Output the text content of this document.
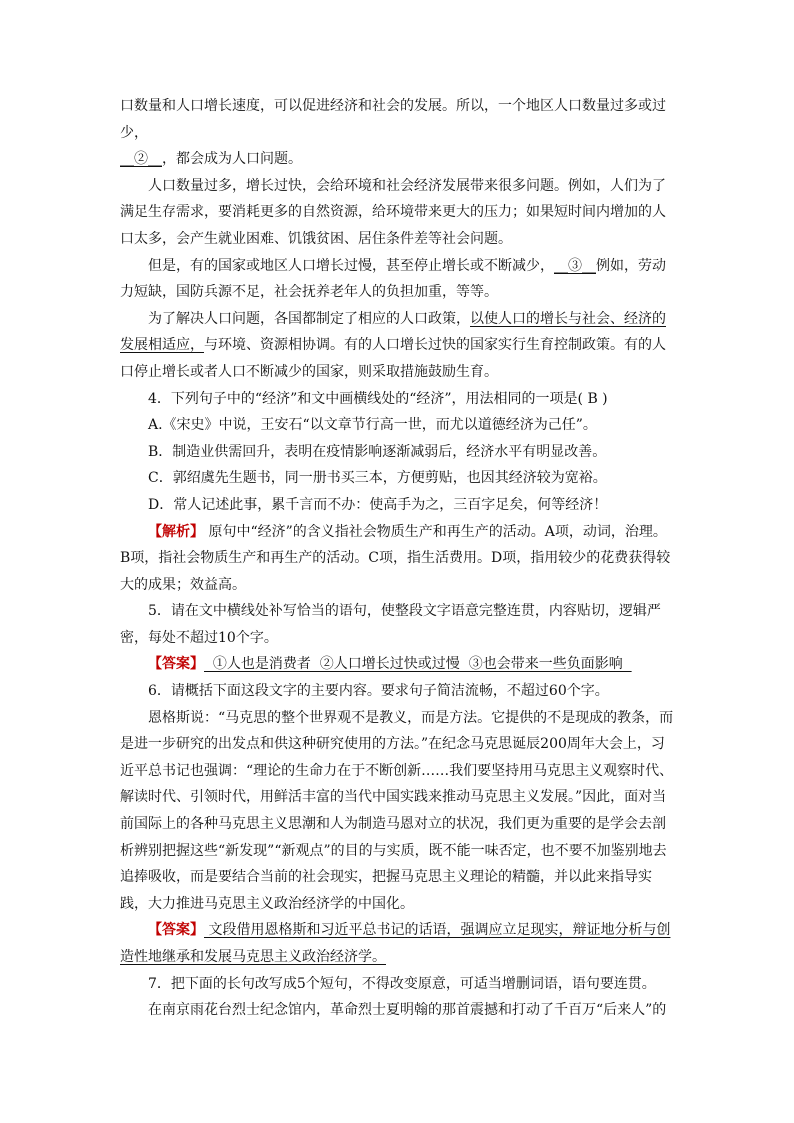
口数量和人口增长速度，可以促进经济和社会的发展。所以，一个地区人口数量过多或过少，
__②__，都会成为人口问题。

人口数量过多，增长过快，会给环境和社会经济发展带来很多问题。例如，人们为了满足生存需求，要消耗更多的自然资源，给环境带来更大的压力；如果短时间内增加的人口太多，会产生就业困难、饥饿贫困、居住条件差等社会问题。

但是，有的国家或地区人口增长过慢，甚至停止增长或不断减少，__③__例如，劳动力短缺，国防兵源不足，社会抚养老年人的负担加重，等等。

为了解决人口问题，各国都制定了相应的人口政策，以使人口的增长与社会、经济的发展相适应，与环境、资源相协调。有的人口增长过快的国家实行生育控制政策。有的人口停止增长或者人口不断减少的国家，则采取措施鼓励生育。

4．下列句子中的“经济”和文中画横线处的“经济”，用法相同的一项是( B )

A.《宋史》中说，王安石“以文章节行高一世，而尤以道德经济为己任”。

B．制造业供需回升，表明在疫情影响逐渐减弱后，经济水平有明显改善。

C．郭绍虞先生题书，同一册书买三本，方便剪贴，也因其经济较为宽裕。

D．常人记述此事，累千言而不办：使高手为之，三百字足矣，何等经济！

【解析】 原句中“经济”的含义指社会物质生产和再生产的活动。A项，动词，治理。B项，指社会物质生产和再生产的活动。C项，指生活费用。D项，指用较少的花费获得较大的成果；效益高。

5．请在文中横线处补写恰当的语句，使整段文字语意完整连贯，内容贴切，逻辑严密，每处不超过10个字。

【答案】  ①人也是消费者  ②人口增长过快或过慢  ③也会带来一些负面影响

6．请概括下面这段文字的主要内容。要求句子简洁流畅，不超过60个字。

恩格斯说：“马克思的整个世界观不是教义，而是方法。它提供的不是现成的教条，而是进一步研究的出发点和供这种研究使用的方法。”在纪念马克思诞辰200周年大会上，习近平总书记也强调：“理论的生命力在于不断创新……我们要坚持用马克思主义观察时代、解读时代、引领时代，用鲜活丰富的当代中国实践来推动马克思主义发展。”因此，面对当前国际上的各种马克思主义思潮和人为制造马恩对立的状况，我们更为重要的是学会去剖析辨别把握这些“新发现”“新观点”的目的与实质，既不能一味否定，也不要不加鉴别地去追捧吸收，而是要结合当前的社会现实，把握马克思主义理论的精髓，并以此来指导实践，大力推进马克思主义政治经济学的中国化。

【答案】 文段借用恩格斯和习近平总书记的话语，强调应立足现实，辩证地分析与创造性地继承和发展马克思主义政治经济学。

7．把下面的长句改写成5个短句，不得改变原意，可适当增删词语，语句要连贯。

在南京雨花台烈士纪念馆内，革命烈士夏明翰的那首震撼和打动了千百万“后来人”的
